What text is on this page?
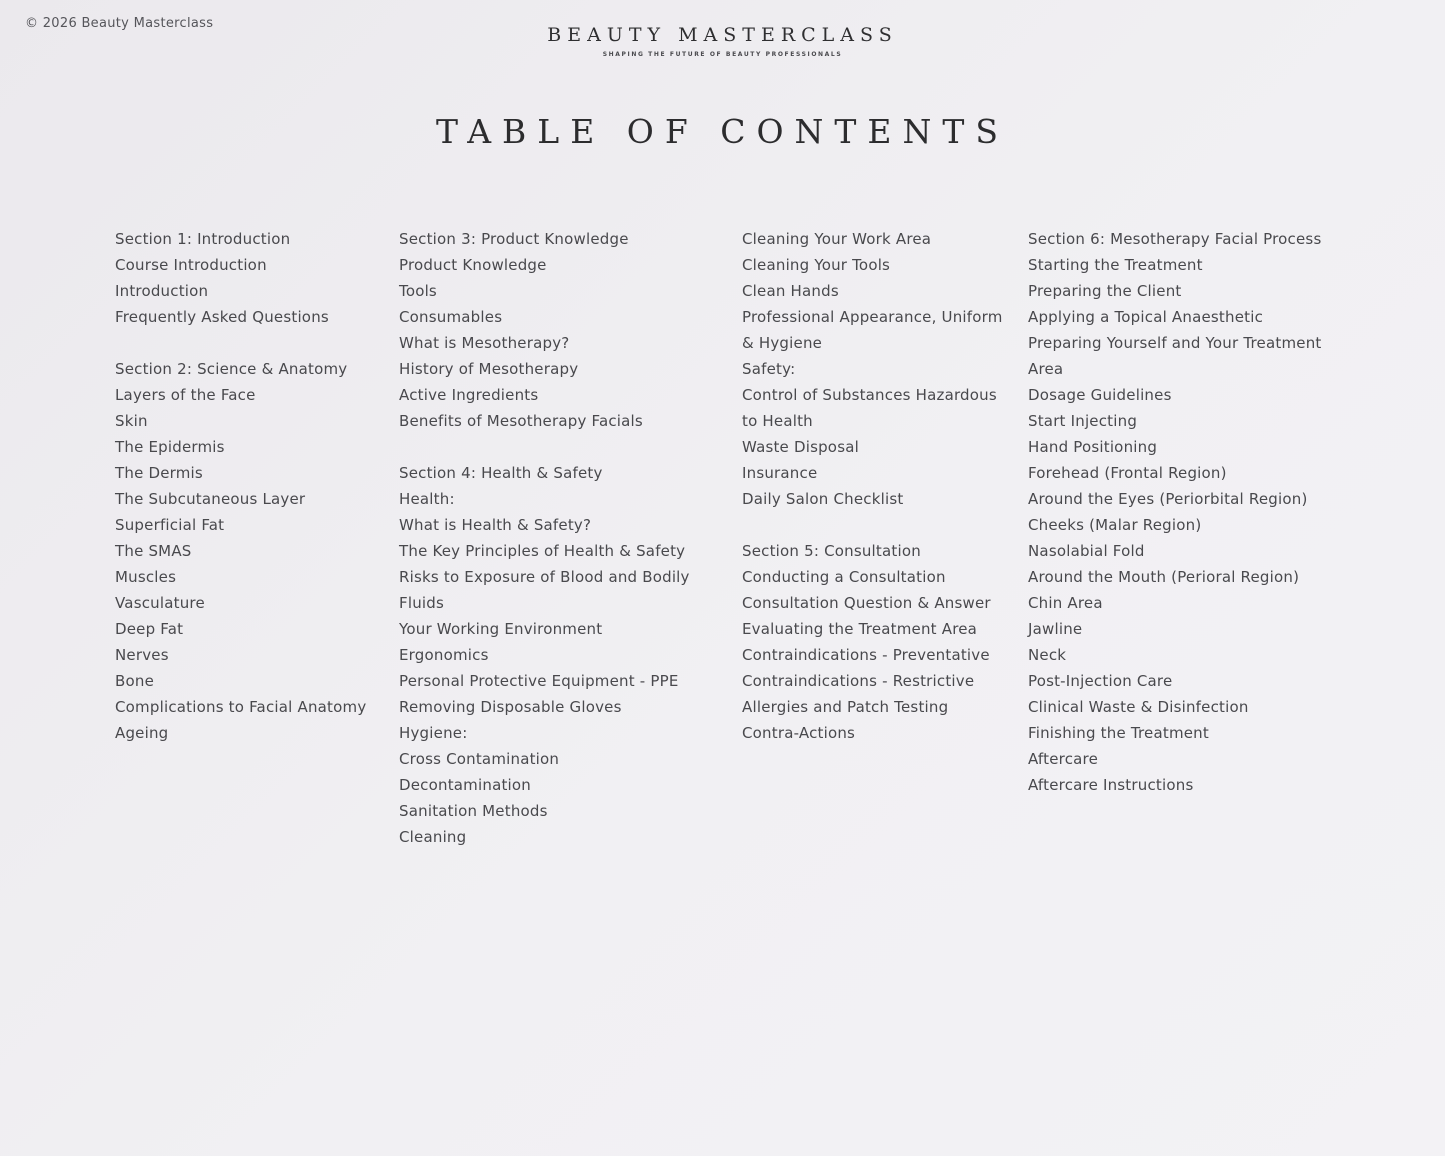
© 2026 Beauty Masterclass
BEAUTY MASTERCLASS
SHAPING THE FUTURE OF BEAUTY PROFESSIONALS
TABLE OF CONTENTS
Section 1: Introduction
Course Introduction
Introduction
Frequently Asked Questions
Section 2: Science & Anatomy
Layers of the Face
Skin
The Epidermis
The Dermis
The Subcutaneous Layer
Superficial Fat
The SMAS
Muscles
Vasculature
Deep Fat
Nerves
Bone
Complications to Facial Anatomy
Ageing
Section 3: Product Knowledge
Product Knowledge
Tools
Consumables
What is Mesotherapy?
History of Mesotherapy
Active Ingredients
Benefits of Mesotherapy Facials
Section 4: Health & Safety
Health:
What is Health & Safety?
The Key Principles of Health & Safety
Risks to Exposure of Blood and Bodily
Fluids
Your Working Environment
Ergonomics
Personal Protective Equipment - PPE
Removing Disposable Gloves
Hygiene:
Cross Contamination
Decontamination
Sanitation Methods
Cleaning
Cleaning Your Work Area
Cleaning Your Tools
Clean Hands
Professional Appearance, Uniform
& Hygiene
Safety:
Control of Substances Hazardous
to Health
Waste Disposal
Insurance
Daily Salon Checklist
Section 5: Consultation
Conducting a Consultation
Consultation Question & Answer
Evaluating the Treatment Area
Contraindications - Preventative
Contraindications - Restrictive
Allergies and Patch Testing
Contra-Actions
Section 6: Mesotherapy Facial Process
Starting the Treatment
Preparing the Client
Applying a Topical Anaesthetic
Preparing Yourself and Your Treatment
Area
Dosage Guidelines
Start Injecting
Hand Positioning
Forehead (Frontal Region)
Around the Eyes (Periorbital Region)
Cheeks (Malar Region)
Nasolabial Fold
Around the Mouth (Perioral Region)
Chin Area
Jawline
Neck
Post-Injection Care
Clinical Waste & Disinfection
Finishing the Treatment
Aftercare
Aftercare Instructions
